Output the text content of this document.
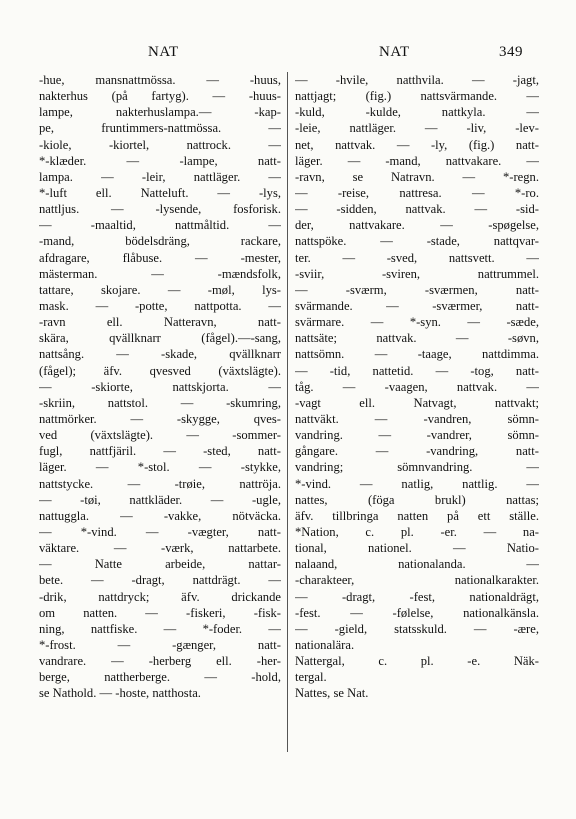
NAT	NAT	349
-hue, mansnattmössa. — -huus,
nakterhus (på fartyg). — -huus-
lampe, nakterhuslampa.— -kap-
pe, fruntimmers-nattmössa. —
-kiole, -kiortel, nattrock. —
*-klæder. — -lampe, natt-
lampa. — -leir, nattläger. —
*-luft ell. Natteluft. — -lys,
nattljus. — -lysende, fosforisk.
— -maaltid, nattmåltid. —
-mand, bödelsdräng, rackare,
afdragare, flåbuse. — -mester,
mästerman. — -mændsfolk,
tattare, skojare. — -møl, lys-
mask. — -potte, nattpotta. —
-ravn ell. Natteravn, natt-
skära, qvällknarr (fågel).—-sang,
nattsång. — -skade, qvällknarr
(fågel); äfv. qvesved (växtslägte).
— -skiorte, nattskjorta. —
-skriin, nattstol. — -skumring,
nattmörker. — -skygge, qves-
ved (växtslägte). — -sommer-
fugl, nattfjäril. — -sted, natt-
läger. — *-stol. — -stykke,
nattstycke. — -trøie, nattröja.
— -tøi, nattkläder. — -ugle,
nattuggla. — -vakke, nötväcka.
— *-vind. — -vægter, natt-
väktare. — -værk, nattarbete.
— Natte arbeide, nattar-
bete. — -dragt, nattdrägt. —
-drik, nattdryck; äfv. drickande
om natten. — -fiskeri, -fisk-
ning, nattfiske. — *-foder. —
*-frost. — -gænger, natt-
vandrare. — -herberg ell. -her-
berge, nattherberge. — -hold,
se Nathold. — -hoste, natthosta.
— -hvile, natthvila. — -jagt,
nattjagt; (fig.) nattsvärmande. —
-kuld, -kulde, nattkyla. —
-leie, nattläger. — -liv, -lev-
net, nattvak. — -ly, (fig.) natt-
läger. — -mand, nattvakare. —
-ravn, se Natravn. — *-regn.
— -reise, nattresa. — *-ro.
— -sidden, nattvak. — -sid-
der, nattvakare. — -spøgelse,
nattspöke. — -stade, nattqvar-
ter. — -sved, nattsvett. —
-sviir, -sviren, nattrummel.
— -sværm, -sværmen, natt-
svärmande. — -sværmer, natt-
svärmare. — *-syn. — -sæde,
nattsäte; nattvak. — -søvn,
nattsömn. — -taage, nattdimma.
— -tid, nattetid. — -tog, natt-
tåg. — -vaagen, nattvak. —
-vagt ell. Natvagt, nattvakt;
nattväkt. — -vandren, sömn-
vandring. — -vandrer, sömn-
gångare. — -vandring, natt-
vandring; sömnvandring. —
*-vind. — natlig, nattlig. —
nattes, (föga brukl) nattas;
äfv. tillbringa natten på ett ställe.
*Nation, c. pl. -er. — na-
tional, nationel. — Natio-
nalaand, nationalanda. —
-charakteer, nationalkarakter.
— -dragt, -fest, nationaldrägt,
-fest. — -følelse, nationalkänsla.
— -gield, statsskuld. — -ære,
nationalära.
Nattergal, c. pl. -e. Näk-
tergal.
Nattes, se Nat.
